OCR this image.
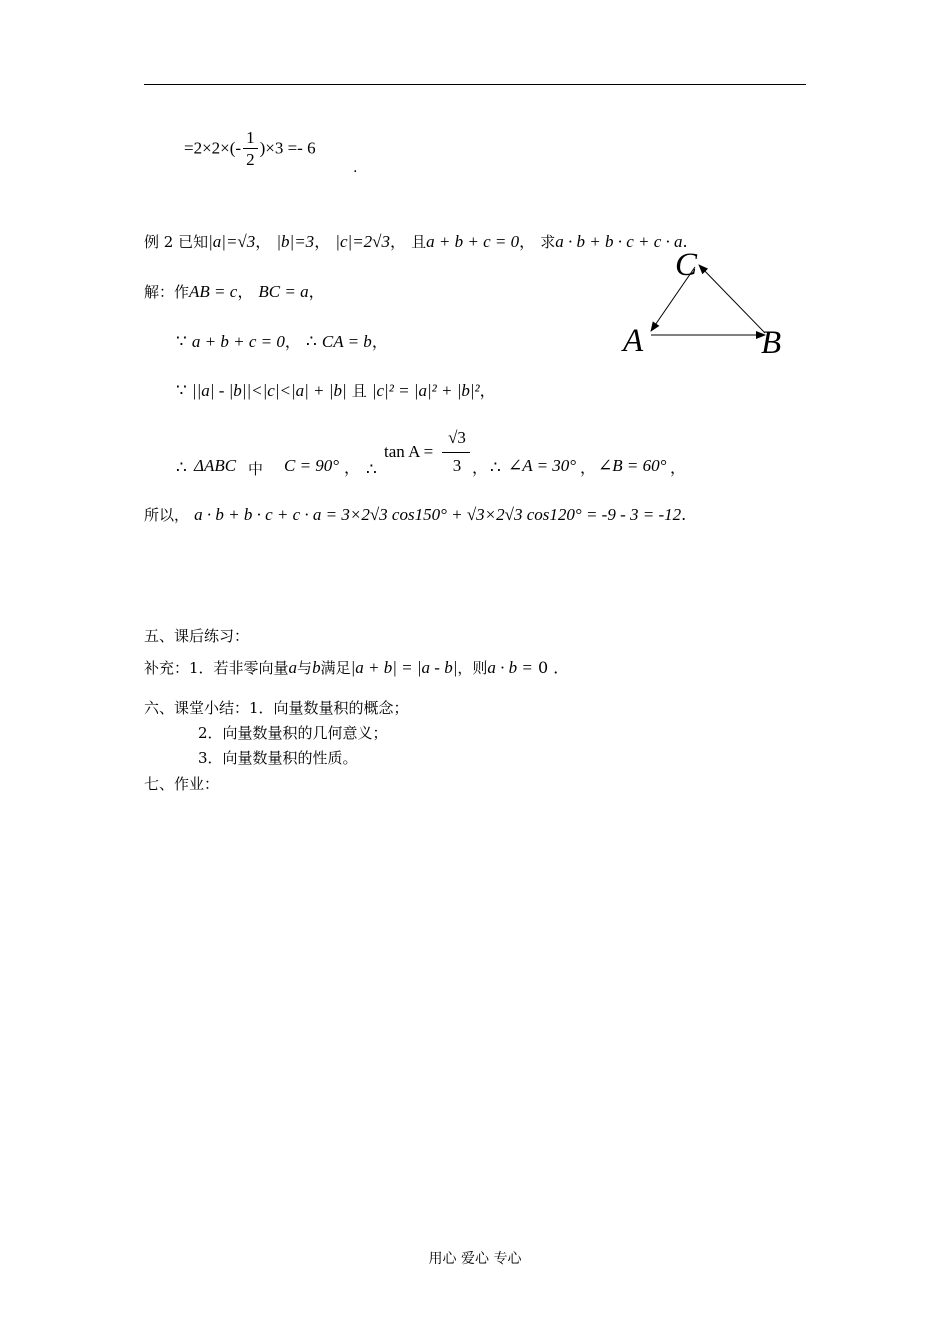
$=2\times 2\times(- \frac{1}{2} )\times 3 =- 6$
.
例 2 已知|a|=√3， |b|=3， |c|=2√3， 且a + b + c = 0， 求a · b + b · c + c · a.
解：作AB = c， BC = a，
∵ a + b + c = 0， ∴ CA = b，
∵ ||a| - |b||<|c|<|a| + |b| 且 |c|² = |a|² + |b|²，
∴ ΔABC 中 C = 90° ， ∴
tan A =
√3
3 ， ∴ ∠A = 30° ， ∠B = 60° ，
所以， a · b + b · c + c · a = 3×2√3 cos150° + √3×2√3 cos120° = -9 - 3 = -12.
C
A	B
五、课后练习：
补充：1．若非零向量a与b满足|a + b| = |a - b|，则a · b = 0 ．
六、课堂小结：1．向量数量积的概念；
2．向量数量积的几何意义；
3．向量数量积的性质。
七、作业：
用心 爱心 专心
